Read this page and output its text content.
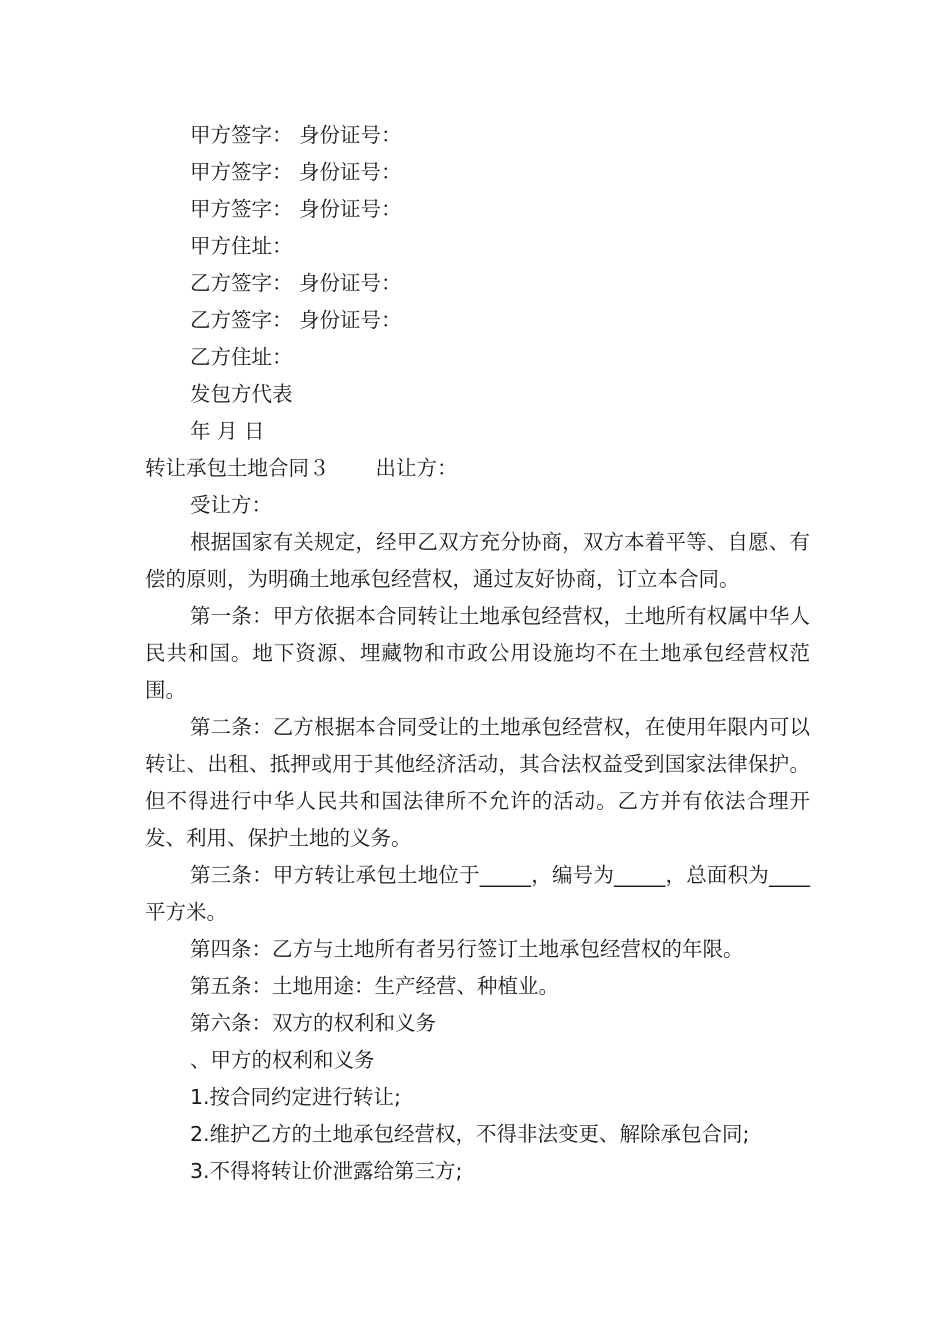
甲方签字： 身份证号：

甲方签字： 身份证号：

甲方签字： 身份证号：

甲方住址：

乙方签字： 身份证号：

乙方签字： 身份证号：

乙方住址：

发包方代表

年 月 日

转让承包土地合同３ 出让方：

受让方：

根据国家有关规定，经甲乙双方充分协商，双方本着平等、自愿、有偿的原则，为明确土地承包经营权，通过友好协商，订立本合同。

第一条：甲方依据本合同转让土地承包经营权，土地所有权属中华人民共和国。地下资源、埋藏物和市政公用设施均不在土地承包经营权范围。

第二条：乙方根据本合同受让的土地承包经营权，在使用年限内可以转让、出租、抵押或用于其他经济活动，其合法权益受到国家法律保护。但不得进行中华人民共和国法律所不允许的活动。乙方并有依法合理开发、利用、保护土地的义务。

第三条：甲方转让承包土地位于_____，编号为_____，总面积为____平方米。

第四条：乙方与土地所有者另行签订土地承包经营权的年限。

第五条：土地用途：生产经营、种植业。

第六条：双方的权利和义务

、甲方的权利和义务

1.按合同约定进行转让;

2.维护乙方的土地承包经营权，不得非法变更、解除承包合同;

3.不得将转让价泄露给第三方;
